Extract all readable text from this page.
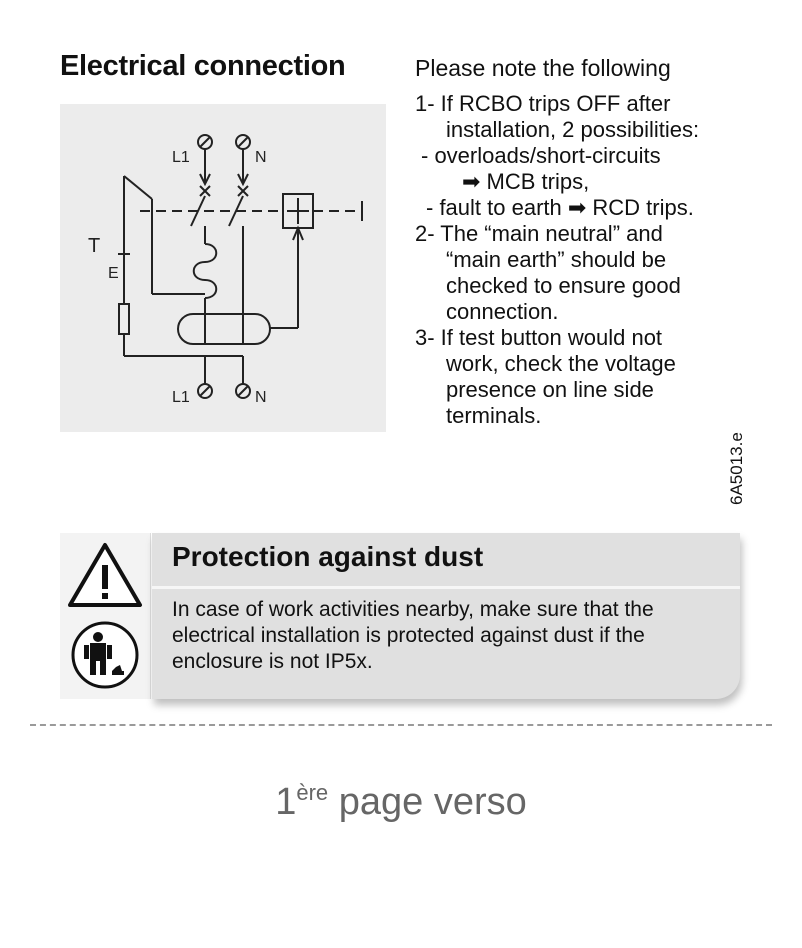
Electrical connection
L1	N
L1	N
T
E
Please note the following
1- If RCBO trips OFF after
installation, 2 possibilities:
- overloads/short-circuits
➡ MCB trips,
- fault to earth ➡ RCD trips.
2- The “main neutral” and
“main earth” should be
checked to ensure good
connection.
3- If test button would not
work, check the voltage
presence on line side
terminals.
6A5013.e
Protection against dust
In case of work activities nearby, make sure that the electrical installation is protected against dust if the enclosure is not IP5x.
1ère page verso
